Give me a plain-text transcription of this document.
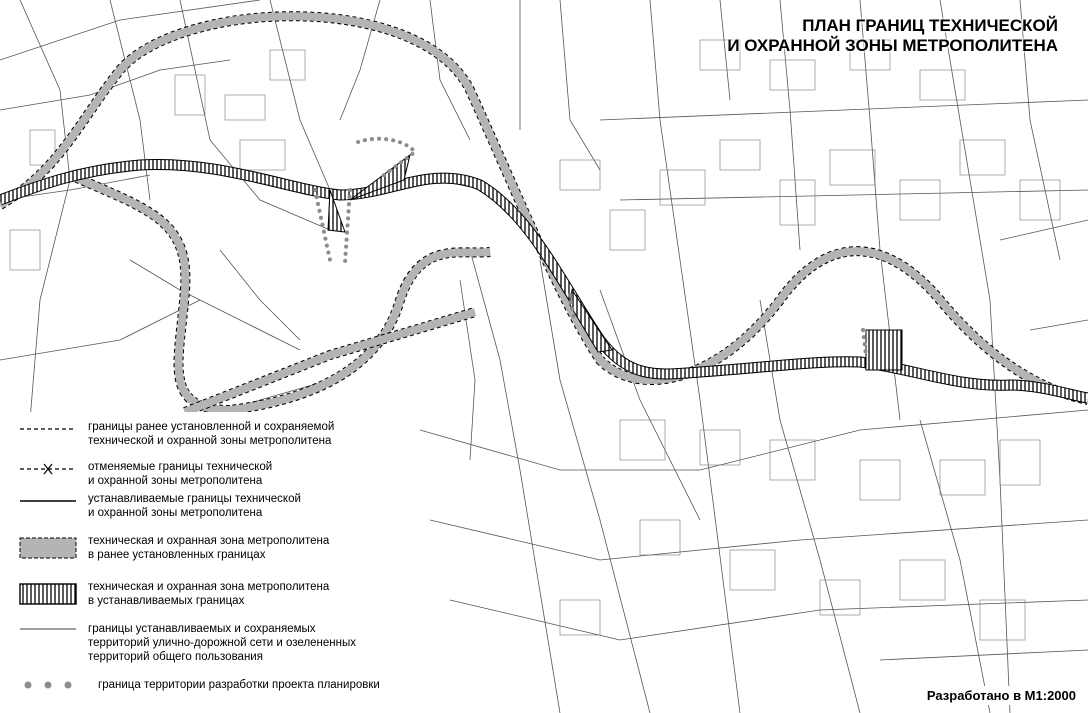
ПЛАН ГРАНИЦ ТЕХНИЧЕСКОЙ
И ОХРАННОЙ ЗОНЫ МЕТРОПОЛИТЕНА
границы ранее установленной и сохраняемой
технической и охранной зоны метрополитена
отменяемые границы технической
и охранной зоны метрополитена
устанавливаемые границы технической
и охранной зоны метрополитена
техническая и охранная зона метрополитена
в ранее установленных границах
техническая и охранная зона метрополитена
в устанавливаемых границах
границы устанавливаемых и сохраняемых
территорий улично-дорожной сети и озелененных
территорий общего пользования
граница территории разработки проекта планировки
Разработано в М1:2000
